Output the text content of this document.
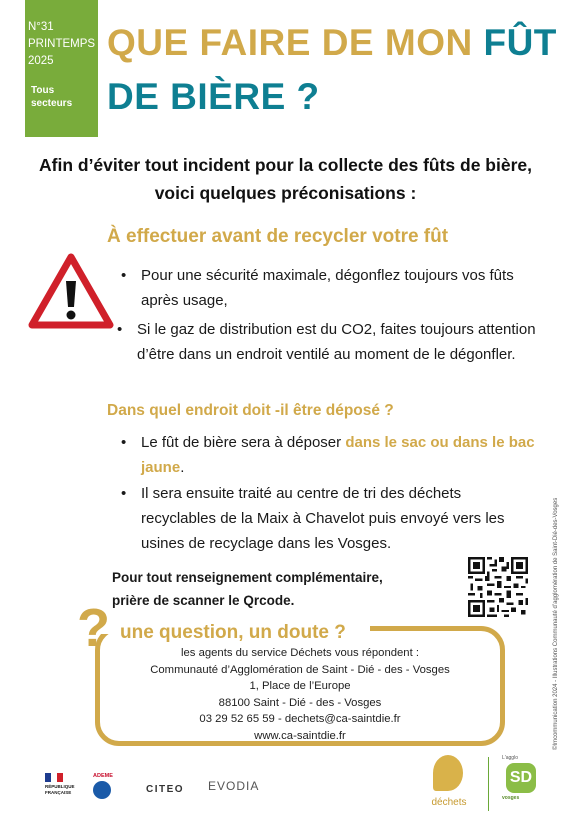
N°31
PRINTEMPS
2025
Tous
secteurs
QUE FAIRE DE MON FÛT
DE BIÈRE ?
Afin d’éviter tout incident pour la collecte des fûts de bière,
voici quelques préconisations :
À effectuer avant de recycler votre fût
• Pour une sécurité maximale, dégonflez toujours vos fûts après usage,
• Si le gaz de distribution est du CO2, faites toujours attention d’être dans un endroit ventilé au moment de le dégonfler.
Dans quel endroit doit -il être déposé ?
• Le fût de bière sera à déposer dans le sac ou dans le bac jaune.
• Il sera ensuite traité au centre de tri des déchets recyclables de la Maix à Chavelot puis envoyé vers les usines de recyclage dans les Vosges.
Pour tout renseignement complémentaire,
prière de scanner le Qrcode.
? une question, un doute ?
les agents du service Déchets vous répondent :
Communauté d’Agglomération de Saint - Dié - des - Vosges
1, Place de l’Europe
88100 Saint - Dié - des - Vosges
03 29 52 65 59 - dechets@ca-saintdie.fr
www.ca-saintdie.fr	©Imcommunication 2024 - Illustrations Communauté d’agglomération de Saint-Dié-des-Vosges
RÉPUBLIQUE
FRANÇAISE
ADEME
CITEO EVODIA
déchets
L'agglo
SD
vosges
